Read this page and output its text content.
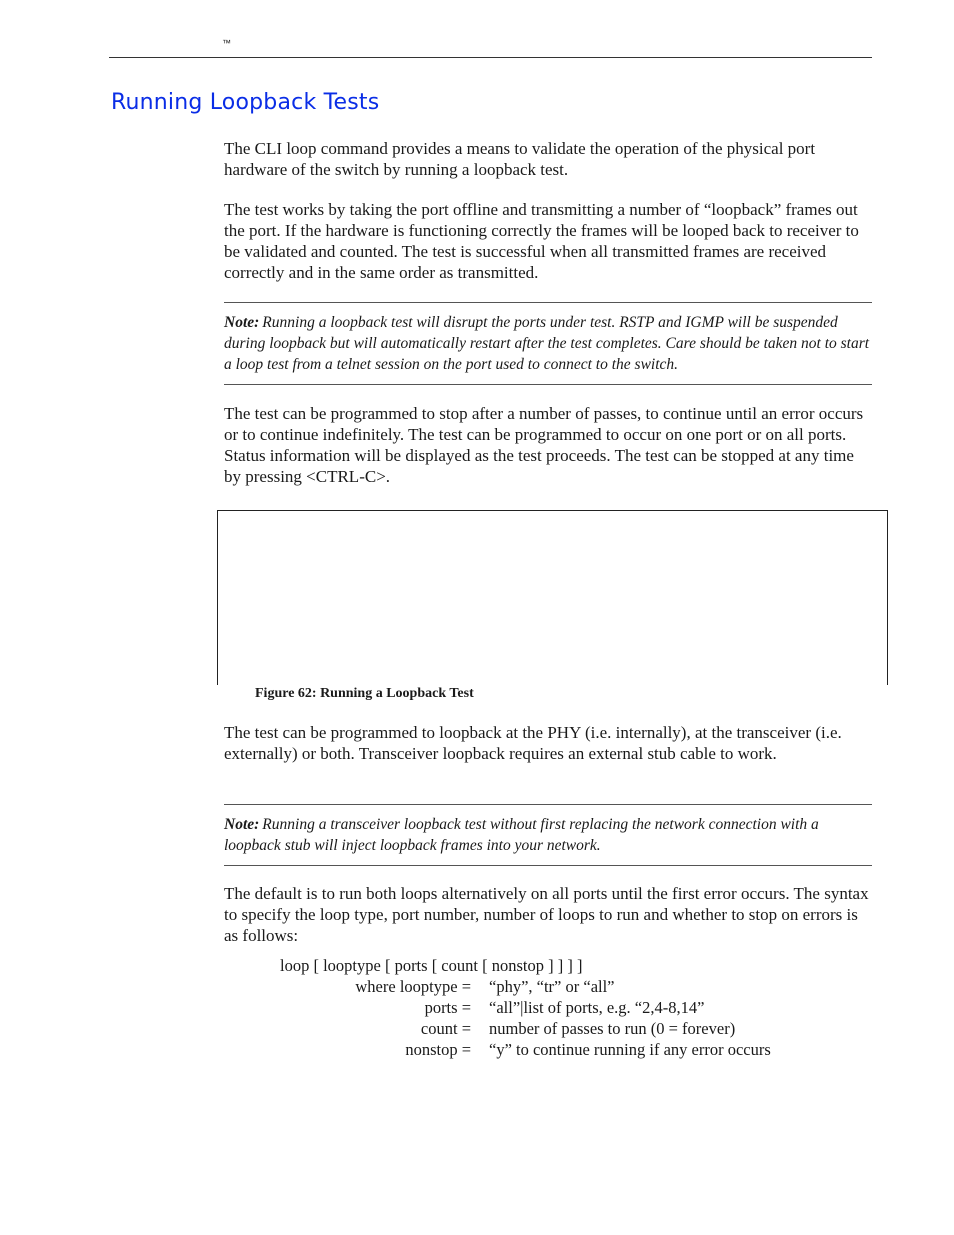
™
Running Loopback Tests

The CLI loop command provides a means to validate the operation of the physical port hardware of the switch by running a loopback test.

The test works by taking the port offline and transmitting a number of “loopback” frames out the port. If the hardware is functioning correctly the frames will be looped back to receiver to be validated and counted. The test is successful when all transmitted frames are received correctly and in the same order as transmitted.

Note: Running a loopback test will disrupt the ports under test. RSTP and IGMP will be suspended during loopback but will automatically restart after the test completes. Care should be taken not to start a loop test from a telnet session on the port used to connect to the switch.

The test can be programmed to stop after a number of passes, to continue until an error occurs or to continue indefinitely. The test can be programmed to occur on one port or on all ports. Status information will be displayed as the test proceeds. The test can be stopped at any time by pressing <CTRL-C>.

Figure 62: Running a Loopback Test

The test can be programmed to loopback at the PHY (i.e. internally), at the transceiver (i.e. externally) or both. Transceiver loopback requires an external stub cable to work.

Note: Running a transceiver loopback test without first replacing the network connection with a loopback stub will inject loopback frames into your network.

The default is to run both loops alternatively on all ports until the first error occurs. The syntax to specify the loop type, port number, number of loops to run and whether to stop on errors is as follows:

loop [ looptype [ ports [ count [ nonstop ] ] ] ]
where looptype = “phy”, “tr” or “all”
ports = “all”|list of ports, e.g. “2,4-8,14”
count = number of passes to run (0 = forever)
nonstop = “y” to continue running if any error occurs
